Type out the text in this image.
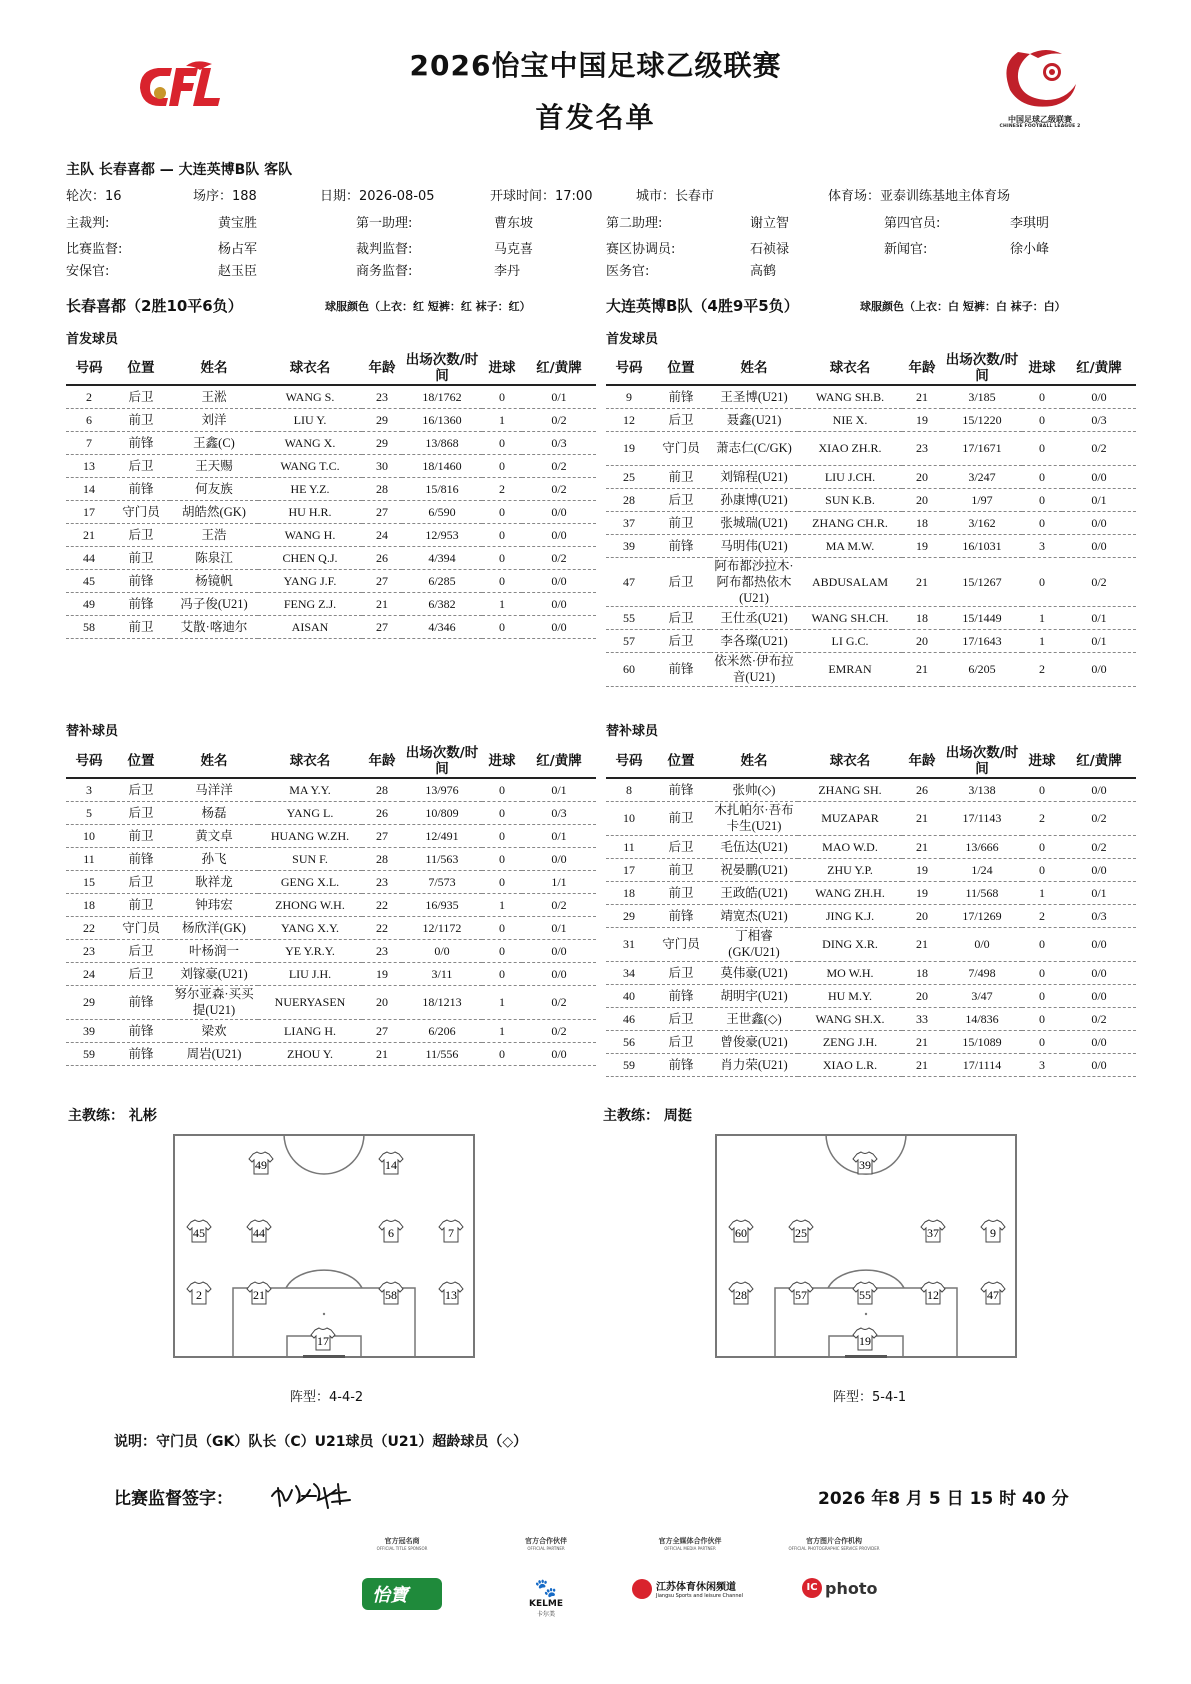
2026怡宝中国足球乙级联赛
首发名单	中国足球乙级联赛
CHINESE FOOTBALL LEAGUE 2
主队 长春喜都 — 大连英博B队 客队
轮次：16	场序：188	日期：2026-08-05	开球时间：17:00	城市：长春市	体育场：亚泰训练基地主体育场
主裁判:	黄宝胜	第一助理:	曹东坡	第二助理:	谢立智	第四官员:	李琪明
比赛监督:	杨占军	裁判监督:	马克喜	赛区协调员:	石祯禄	新闻官:	徐小峰
安保官:	赵玉臣	商务监督:	李丹	医务官:	高鹤
长春喜都（2胜10平6负）	球服颜色（上衣：红 短裤：红 袜子：红）	大连英博B队（4胜9平5负）	球服颜色（上衣：白 短裤：白 袜子：白）
首发球员	首发球员
替补球员	替补球员
号码	位置	姓名	球衣名	年龄	出场次数/时间	进球	红/黄牌
2	后卫	王淞	WANG S.	23	18/1762	0	0/1
6	前卫	刘洋	LIU Y.	29	16/1360	1	0/2
7	前锋	王鑫(C)	WANG X.	29	13/868	0	0/3
13	后卫	王天赐	WANG T.C.	30	18/1460	0	0/2
14	前锋	何友族	HE Y.Z.	28	15/816	2	0/2
17	守门员	胡皓然(GK)	HU H.R.	27	6/590	0	0/0
21	后卫	王浩	WANG H.	24	12/953	0	0/0
44	前卫	陈泉江	CHEN Q.J.	26	4/394	0	0/2
45	前锋	杨镜帆	YANG J.F.	27	6/285	0	0/0
49	前锋	冯子俊(U21)	FENG Z.J.	21	6/382	1	0/0
58	前卫	艾散·喀迪尔	AISAN	27	4/346	0	0/0
号码	位置	姓名	球衣名	年龄	出场次数/时间	进球	红/黄牌
9	前锋	王圣博(U21)	WANG SH.B.	21	3/185	0	0/0
12	后卫	聂鑫(U21)	NIE X.	19	15/1220	0	0/3
19	守门员	萧志仁(C/GK)	XIAO ZH.R.	23	17/1671	0	0/2
25	前卫	刘锦程(U21)	LIU J.CH.	20	3/247	0	0/0
28	后卫	孙康博(U21)	SUN K.B.	20	1/97	0	0/1
37	前卫	张城瑞(U21)	ZHANG CH.R.	18	3/162	0	0/0
39	前锋	马明伟(U21)	MA M.W.	19	16/1031	3	0/0
47	后卫	阿布都沙拉木·阿布都热依木(U21)	ABDUSALAM	21	15/1267	0	0/2
55	后卫	王仕丞(U21)	WANG SH.CH.	18	15/1449	1	0/1
57	后卫	李各璨(U21)	LI G.C.	20	17/1643	1	0/1
60	前锋	依米然·伊布拉音(U21)	EMRAN	21	6/205	2	0/0
号码	位置	姓名	球衣名	年龄	出场次数/时间	进球	红/黄牌
3	后卫	马洋洋	MA Y.Y.	28	13/976	0	0/1
5	后卫	杨磊	YANG L.	26	10/809	0	0/3
10	前卫	黄文卓	HUANG W.ZH.	27	12/491	0	0/1
11	前锋	孙飞	SUN F.	28	11/563	0	0/0
15	后卫	耿祥龙	GENG X.L.	23	7/573	0	1/1
18	前卫	钟玮宏	ZHONG W.H.	22	16/935	1	0/2
22	守门员	杨欣洋(GK)	YANG X.Y.	22	12/1172	0	0/1
23	后卫	叶杨润一	YE Y.R.Y.	23	0/0	0	0/0
24	后卫	刘镓豪(U21)	LIU J.H.	19	3/11	0	0/0
29	前锋	努尔亚森·买买提(U21)	NUERYASEN	20	18/1213	1	0/2
39	前锋	梁欢	LIANG H.	27	6/206	1	0/2
59	前锋	周岩(U21)	ZHOU Y.	21	11/556	0	0/0
号码	位置	姓名	球衣名	年龄	出场次数/时间	进球	红/黄牌
8	前锋	张帅(◇)	ZHANG SH.	26	3/138	0	0/0
10	前卫	木扎帕尔·吾布卡生(U21)	MUZAPAR	21	17/1143	2	0/2
11	后卫	毛伍达(U21)	MAO W.D.	21	13/666	0	0/2
17	前卫	祝晏鹏(U21)	ZHU Y.P.	19	1/24	0	0/0
18	前卫	王政皓(U21)	WANG ZH.H.	19	11/568	1	0/1
29	前锋	靖宽杰(U21)	JING K.J.	20	17/1269	2	0/3
31	守门员	丁相睿(GK/U21)	DING X.R.	21	0/0	0	0/0
34	后卫	莫伟豪(U21)	MO W.H.	18	7/498	0	0/0
40	前锋	胡明宇(U21)	HU M.Y.	20	3/47	0	0/0
46	后卫	王世鑫(◇)	WANG SH.X.	33	14/836	0	0/2
56	后卫	曾俊豪(U21)	ZENG J.H.	21	15/1089	0	0/0
59	前锋	肖力荣(U21)	XIAO L.R.	21	17/1114	3	0/0
主教练： 礼彬	主教练： 周挺
49	14
45	44	6	7
2	21	58	13
17
39
60	25	37	9
28	57	55	12	47
19
阵型：4-4-2	阵型：5-4-1
说明：守门员（GK）队长（C）U21球员（U21）超龄球员（◇）
比赛监督签字：	2026 年8 月 5 日 15 时 40 分
官方冠名商
OFFICIAL TITLE SPONSOR
官方合作伙伴
OFFICIAL PARTNER
官方全媒体合作伙伴
OFFICIAL MEDIA PARTNER
官方图片合作机构
OFFICIAL PHOTOGRAPHIC SERVICE PROVIDER
怡寶	🐾
KELME
卡尔美
江苏体育休闲频道
Jiangsu Sports and leisure Channel
IC photo
